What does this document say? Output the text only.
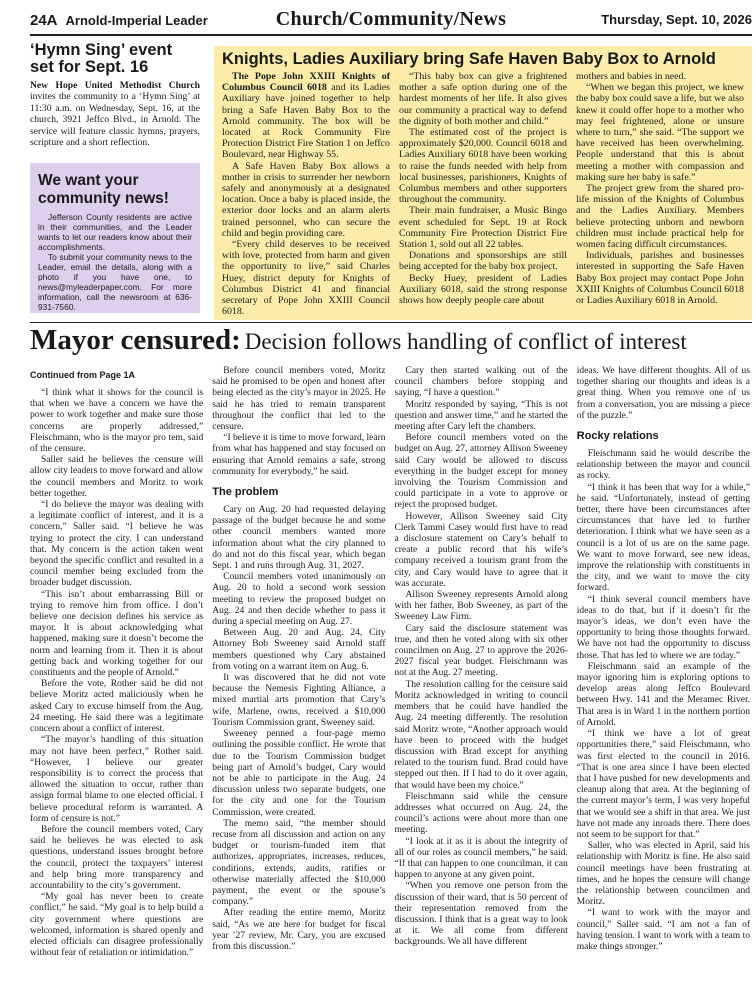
24A Arnold-Imperial Leader	Church/Community/News	Thursday, Sept. 10, 2026
‘Hymn Sing’ event set for Sept. 16

New Hope United Methodist Church invites the community to a ‘Hymn Sing’ at 11:30 a.m. on Wednesday, Sept. 16, at the church, 3921 Jeffco Blvd., in Arnold. The service will feature classic hymns, prayers, scripture and a short reflection.

We want your community news!

Jefferson County residents are active in their communities, and the Leader wants to let our readers know about their accomplishments.

To submit your community news to the Leader, email the details, along with a photo if you have one, to news@myleaderpaper.com. For more information, call the newsroom at 636-931-7560.

Knights, Ladies Auxiliary bring Safe Haven Baby Box to Arnold

The Pope John XXIII Knights of Columbus Council 6018 and its Ladies Auxiliary have joined together to help bring a Safe Haven Baby Box to the Arnold community. The box will be located at Rock Community Fire Protection District Fire Station 1 on Jeffco Boulevard, near Highway 55.

A Safe Haven Baby Box allows a mother in crisis to surrender her newborn safely and anonymously at a designated location. Once a baby is placed inside, the exterior door locks and an alarm alerts trained personnel, who can secure the child and begin providing care.

“Every child deserves to be received with love, protected from harm and given the opportunity to live,” said Charles Huey, district deputy for Knights of Columbus District 41 and financial secretary of Pope John XXIII Council 6018.

“This baby box can give a frightened mother a safe option during one of the hardest moments of her life. It also gives our community a practical way to defend the dignity of both mother and child.”

The estimated cost of the project is approximately $20,000. Council 6018 and Ladies Auxiliary 6018 have been working to raise the funds needed with help from local businesses, parishioners, Knights of Columbus members and other supporters throughout the community.

Their main fundraiser, a Music Bingo event scheduled for Sept. 19 at Rock Community Fire Protection District Fire Station 1, sold out all 22 tables.

Donations and sponsorships are still being accepted for the baby box project.

Becky Huey, president of Ladies Auxiliary 6018, said the strong response shows how deeply people care about

mothers and babies in need.

“When we began this project, we knew the baby box could save a life, but we also knew it could offer hope to a mother who may feel frightened, alone or unsure where to turn,” she said. “The support we have received has been overwhelming. People understand that this is about meeting a mother with compassion and making sure her baby is safe.”

The project grew from the shared pro-life mission of the Knights of Columbus and the Ladies Auxiliary. Members believe protecting unborn and newborn children must include practical help for women facing difficult circumstances.

Individuals, parishes and businesses interested in supporting the Safe Haven Baby Box project may contact Pope John XXIII Knights of Columbus Council 6018 or Ladies Auxiliary 6018 in Arnold.

Mayor censured: Decision follows handling of conflict of interest
Continued from Page 1A

“I think what it shows for the council is that when we have a concern we have the power to work together and make sure those concerns are properly addressed,” Fleischmann, who is the mayor pro tem, said of the censure.

Saller said he believes the censure will allow city leaders to move forward and allow the council members and Moritz to work better together.

“I do believe the mayor was dealing with a legitimate conflict of interest, and it is a concern,” Saller said. “I believe he was trying to protect the city. I can understand that. My concern is the action taken went beyond the specific conflict and resulted in a council member being excluded from the broader budget discussion.

“This isn’t about embarrassing Bill or trying to remove him from office. I don’t believe one decision defines his service as mayor. It is about acknowledging what happened, making sure it doesn’t become the norm and learning from it. Then it is about getting back and working together for our constituents and the people of Arnold.”

Before the vote, Rother said he did not believe Moritz acted maliciously when he asked Cary to excuse himself from the Aug. 24 meeting. He said there was a legitimate concern about a conflict of interest.

“The mayor’s handling of this situation may not have been perfect,” Rother said. “However, I believe our greater responsibility is to correct the process that allowed the situation to occur, rather than assign formal blame to one elected official. I believe procedural reform is warranted. A form of censure is not.”

Before the council members voted, Cary said he believes he was elected to ask questions, understand issues brought before the council, protect the taxpayers’ interest and help bring more transparency and accountability to the city’s government.

“My goal has never been to create conflict,” he said. “My goal is to help build a city government where questions are welcomed, information is shared openly and elected officials can disagree professionally without fear of retaliation or intimidation.”

Before council members voted, Moritz said he promised to be open and honest after being elected as the city’s mayor in 2025. He said he has tried to remain transparent throughout the conflict that led to the censure.

“I believe it is time to move forward, learn from what has happened and stay focused on ensuring that Arnold remains a safe, strong community for everybody,” he said.

The problem

Cary on Aug. 20 had requested delaying passage of the budget because he and some other council members wanted more information about what the city planned to do and not do this fiscal year, which began Sept. 1 and runs through Aug. 31, 2027.

Council members voted unanimously on Aug. 20 to hold a second work session meeting to review the proposed budget on Aug. 24 and then decide whether to pass it during a special meeting on Aug. 27.

Between Aug. 20 and Aug. 24, City Attorney Bob Sweeney said Arnold staff members questioned why Cary abstained from voting on a warrant item on Aug. 6.

It was discovered that he did not vote because the Nemesis Fighting Alliance, a mixed martial arts promotion that Cary’s wife, Marlene, owns, received a $10,000 Tourism Commission grant, Sweeney said.

Sweeney penned a four-page memo outlining the possible conflict. He wrote that due to the Tourism Commission budget being part of Arnold’s budget, Cary would not be able to participate in the Aug. 24 discussion unless two separate budgets, one for the city and one for the Tourism Commission, were created.

The memo said, “the member should recuse from all discussion and action on any budget or tourism-funded item that authorizes, appropriates, increases, reduces, conditions, extends, audits, ratifies or otherwise materially affected the $10,000 payment, the event or the spouse’s company.”

After reading the entire memo, Moritz said, “As we are here for budget for fiscal year ’27 review, Mr. Cary, you are excused from this discussion.”

Cary then started walking out of the council chambers before stopping and saying, “I have a question.”

Moritz responded by saying, “This is not question and answer time,” and he started the meeting after Cary left the chambers.

Before council members voted on the budget on Aug. 27, attorney Allison Sweeney said Cary would be allowed to discuss everything in the budget except for money involving the Tourism Commission and could participate in a vote to approve or reject the proposed budget.

However, Allison Sweeney said City Clerk Tammi Casey would first have to read a disclosure statement on Cary’s behalf to create a public record that his wife’s company received a tourism grant from the city, and Cary would have to agree that it was accurate.

Allison Sweeney represents Arnold along with her father, Bob Sweeney, as part of the Sweeney Law Firm.

Cary said the disclosure statement was true, and then he voted along with six other councilmen on Aug. 27 to approve the 2026-2027 fiscal year budget. Fleischmann was not at the Aug. 27 meeting.

The resolution calling for the censure said Moritz acknowledged in writing to council members that he could have handled the Aug. 24 meeting differently. The resolution said Moritz wrote, “Another approach would have been to proceed with the budget discussion with Brad except for anything related to the tourism fund. Brad could have stepped out then. If I had to do it over again, that would have been my choice.”

Fleischmann said while the censure addresses what occurred on Aug. 24, the council’s actions were about more than one meeting.

“I look at it as it is about the integrity of all of our roles as council members,” he said. “If that can happen to one councilman, it can happen to anyone at any given point.

“When you remove one person from the discussion of their ward, that is 50 percent of their representation removed from the discussion. I think that is a great way to look at it. We all come from different backgrounds. We all have different

ideas. We have different thoughts. All of us together sharing our thoughts and ideas is a great thing. When you remove one of us from a conversation, you are missing a piece of the puzzle.”

Rocky relations

Fleischmann said he would describe the relationship between the mayor and council as rocky.

“I think it has been that way for a while,” he said. “Unfortunately, instead of getting better, there have been circumstances after circumstances that have led to further deterioration. I think what we have seen as a council is a lot of us are on the same page. We want to move forward, see new ideas, improve the relationship with constituents in the city, and we want to move the city forward.

“I think several council members have ideas to do that, but if it doesn’t fit the mayor’s ideas, we don’t even have the opportunity to bring those thoughts forward. We have not had the opportunity to discuss those. That has led to where we are today.”

Fleischmann said an example of the mayor ignoring him is exploring options to develop areas along Jeffco Boulevard between Hwy. 141 and the Meramec River. That area is in Ward 1 in the northern portion of Arnold.

“I think we have a lot of great opportunities there,” said Fleischmann, who was first elected to the council in 2016. “That is one area since I have been elected that I have pushed for new developments and cleanup along that area. At the beginning of the current mayor’s term, I was very hopeful that we would see a shift in that area. We just have not made any inroads there. There does not seem to be support for that.”

Saller, who was elected in April, said his relationship with Moritz is fine. He also said council meetings have been frustrating at times, and he hopes the censure will change the relationship between councilmen and Moritz.

“I want to work with the mayor and council,” Saller said. “I am not a fan of having tension. I want to work with a team to make things stronger.”
